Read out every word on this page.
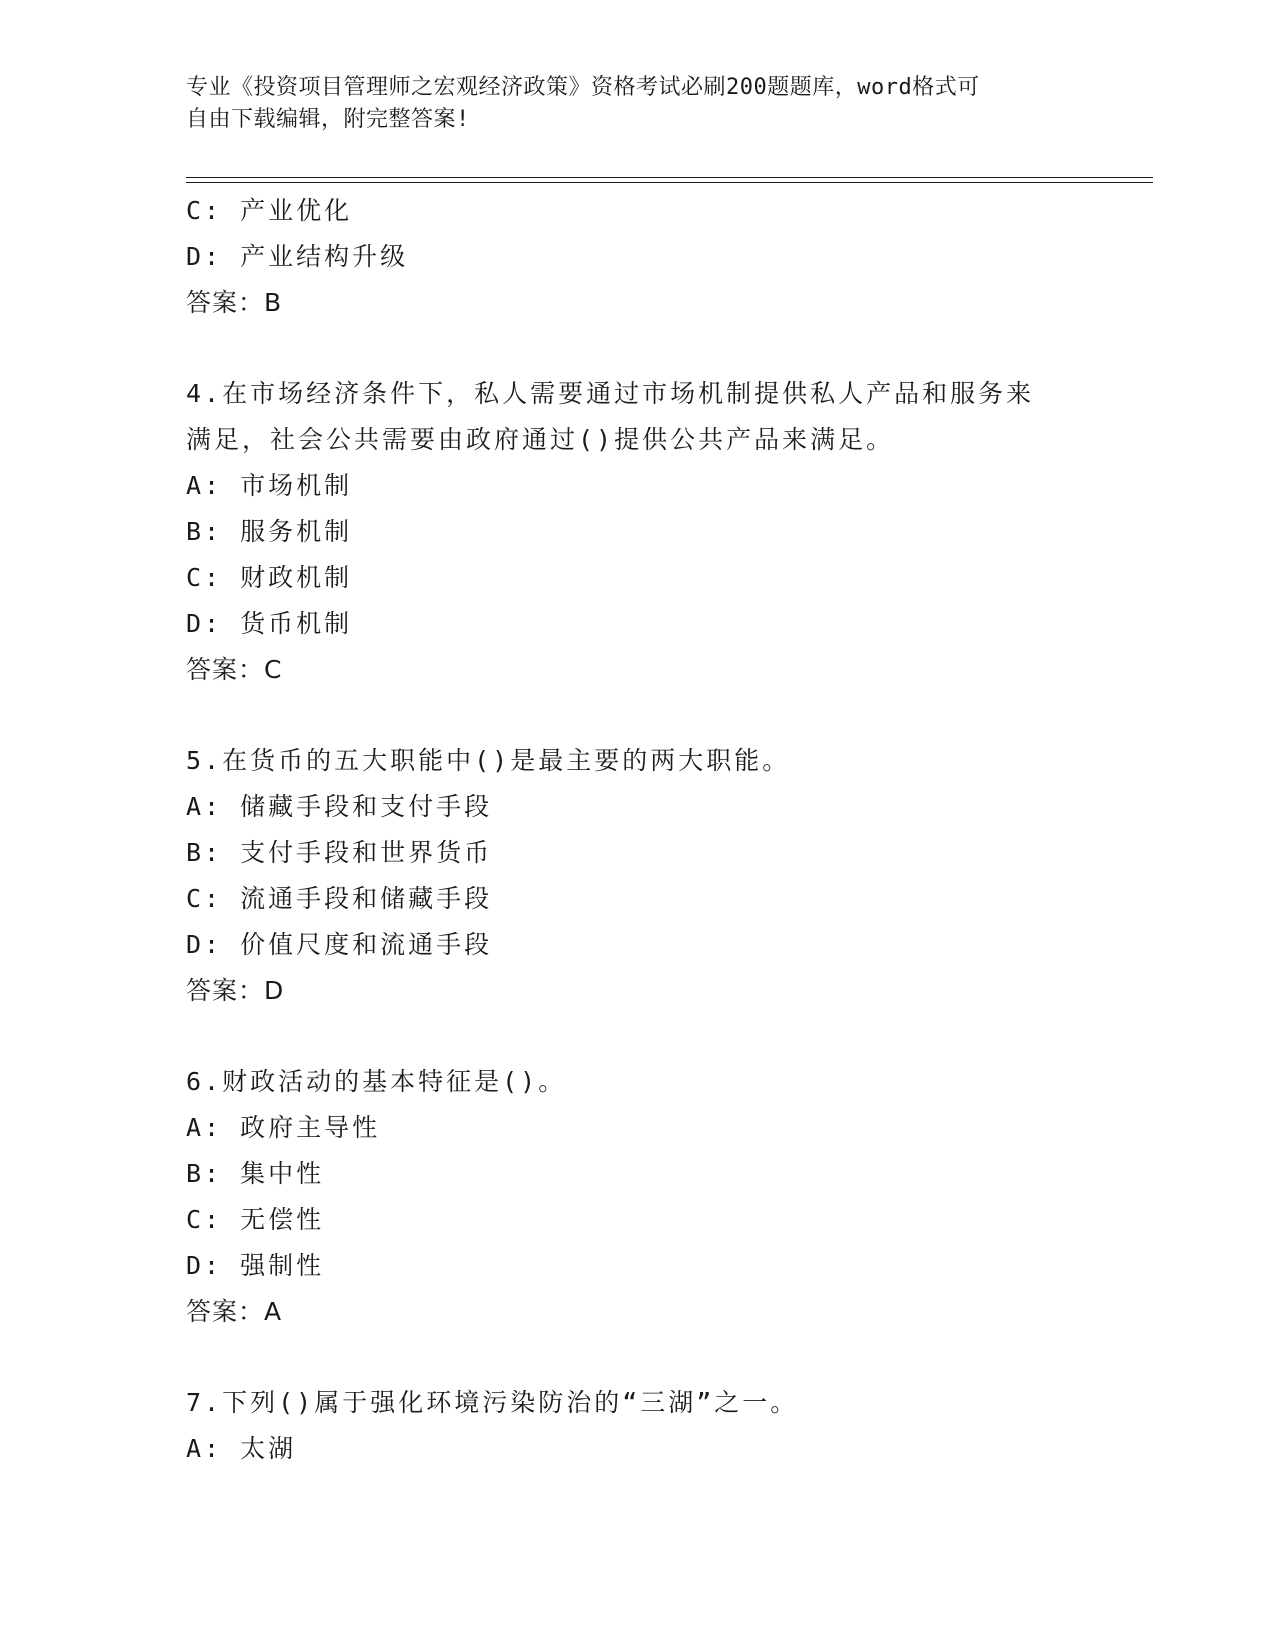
专业《投资项目管理师之宏观经济政策》资格考试必刷200题题库，word格式可
自由下载编辑，附完整答案!
C: 产业优化
D: 产业结构升级
答案：B
4.在市场经济条件下，私人需要通过市场机制提供私人产品和服务来
满足，社会公共需要由政府通过()提供公共产品来满足。
A: 市场机制
B: 服务机制
C: 财政机制
D: 货币机制
答案：C
5.在货币的五大职能中()是最主要的两大职能。
A: 储藏手段和支付手段
B: 支付手段和世界货币
C: 流通手段和储藏手段
D: 价值尺度和流通手段
答案：D
6.财政活动的基本特征是()。
A: 政府主导性
B: 集中性
C: 无偿性
D: 强制性
答案：A
7.下列()属于强化环境污染防治的“三湖”之一。
A: 太湖
